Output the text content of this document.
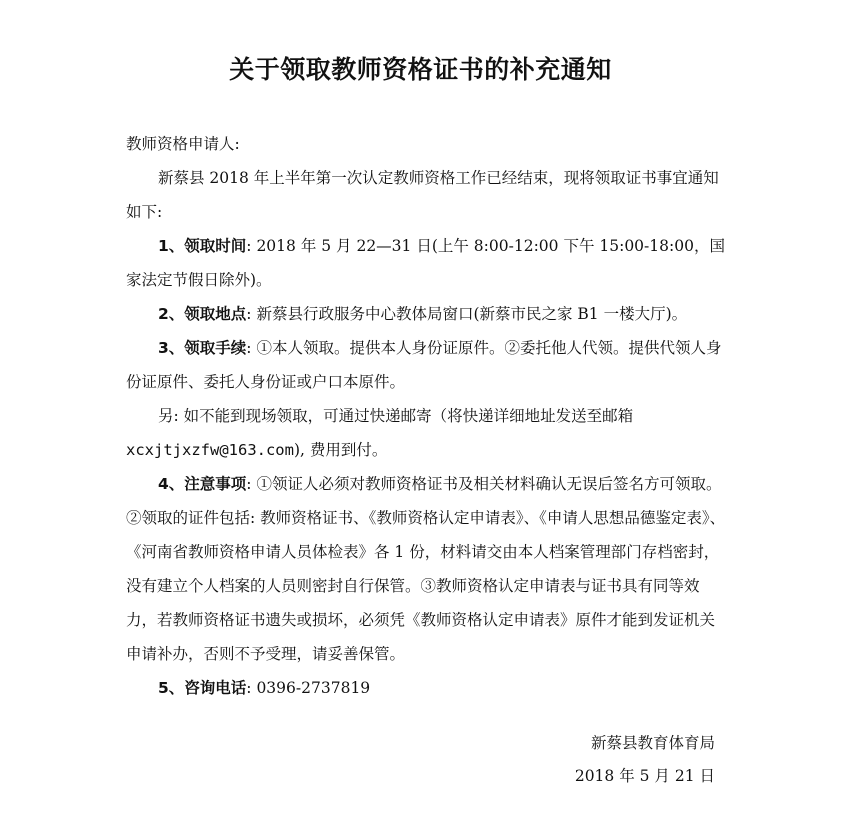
关于领取教师资格证书的补充通知

教师资格申请人:

新蔡县 2018 年上半年第一次认定教师资格工作已经结束，现将领取证书事宜通知如下:

1、领取时间: 2018 年 5 月 22—31 日(上午 8:00-12:00 下午 15:00-18:00，国家法定节假日除外)。

2、领取地点: 新蔡县行政服务中心教体局窗口(新蔡市民之家 B1 一楼大厅)。

3、领取手续: ①本人领取。提供本人身份证原件。②委托他人代领。提供代领人身份证原件、委托人身份证或户口本原件。

另: 如不能到现场领取，可通过快递邮寄（将快递详细地址发送至邮箱 xcxjtjxzfw@163.com), 费用到付。

4、注意事项: ①领证人必须对教师资格证书及相关材料确认无误后签名方可领取。②领取的证件包括: 教师资格证书、《教师资格认定申请表》、《申请人思想品德鉴定表》、《河南省教师资格申请人员体检表》各 1 份，材料请交由本人档案管理部门存档密封，没有建立个人档案的人员则密封自行保管。③教师资格认定申请表与证书具有同等效力，若教师资格证书遗失或损坏，必须凭《教师资格认定申请表》原件才能到发证机关申请补办，否则不予受理，请妥善保管。

5、咨询电话: 0396-2737819

新蔡县教育体育局
2018 年 5 月 21 日
